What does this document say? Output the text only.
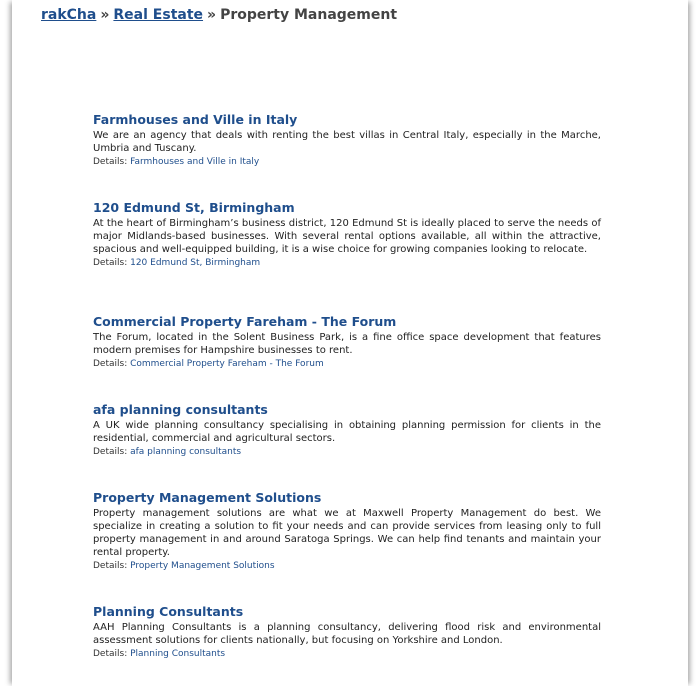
rakCha » Real Estate » Property Management
Farmhouses and Ville in Italy

We are an agency that deals with renting the best villas in Central Italy, especially in the Marche, Umbria and Tuscany.

Details: Farmhouses and Ville in Italy
120 Edmund St, Birmingham

At the heart of Birmingham’s business district, 120 Edmund St is ideally placed to serve the needs of major Midlands-based businesses. With several rental options available, all within the attractive, spacious and well-equipped building, it is a wise choice for growing companies looking to relocate.

Details: 120 Edmund St, Birmingham
Commercial Property Fareham - The Forum

The Forum, located in the Solent Business Park, is a fine office space development that features modern premises for Hampshire businesses to rent.

Details: Commercial Property Fareham - The Forum
afa planning consultants

A UK wide planning consultancy specialising in obtaining planning permission for clients in the residential, commercial and agricultural sectors.

Details: afa planning consultants
Property Management Solutions

Property management solutions are what we at Maxwell Property Management do best. We specialize in creating a solution to fit your needs and can provide services from leasing only to full property management in and around Saratoga Springs. We can help find tenants and maintain your rental property.

Details: Property Management Solutions
Planning Consultants

AAH Planning Consultants is a planning consultancy, delivering flood risk and environmental assessment solutions for clients nationally, but focusing on Yorkshire and London.

Details: Planning Consultants
